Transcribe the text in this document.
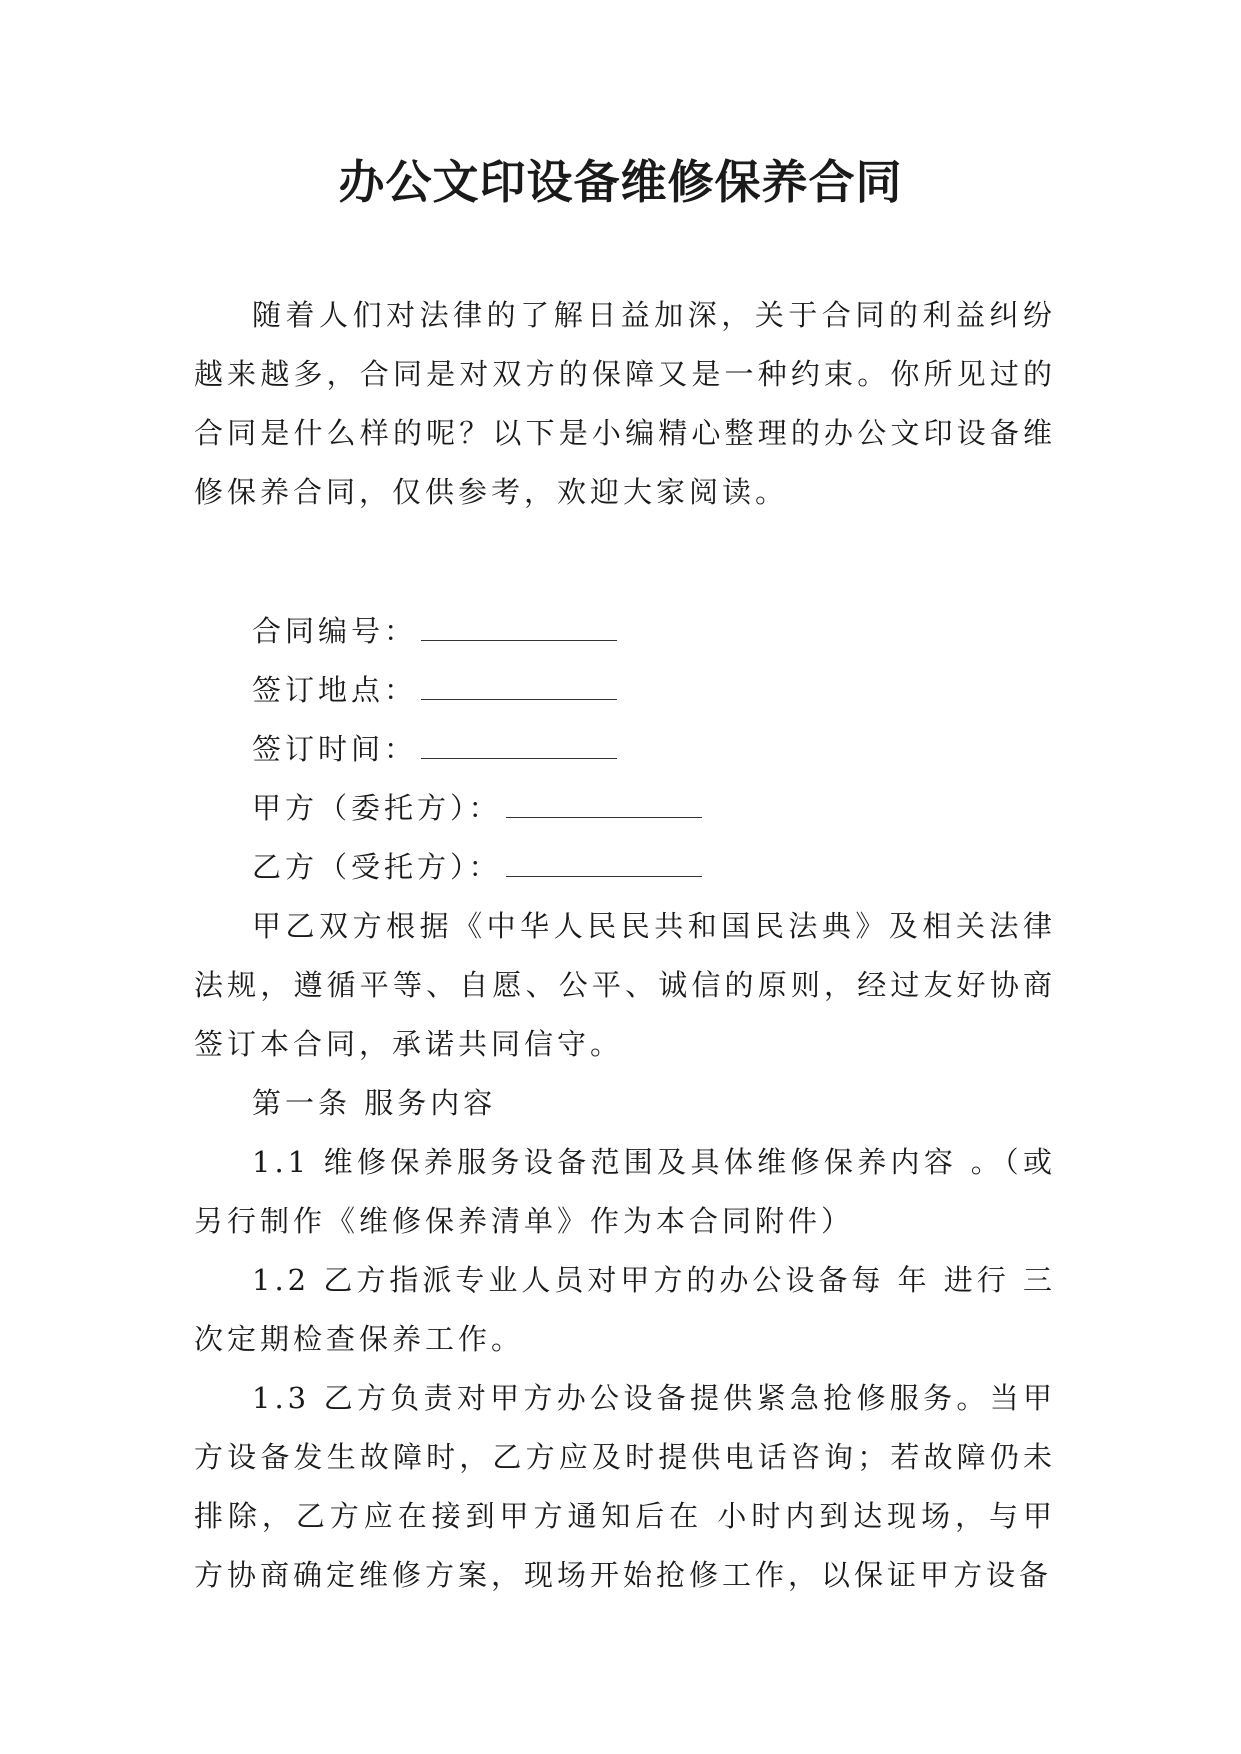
办公文印设备维修保养合同

随着人们对法律的了解日益加深，关于合同的利益纠纷越来越多，合同是对双方的保障又是一种约束。你所见过的合同是什么样的呢？以下是小编精心整理的办公文印设备维修保养合同，仅供参考，欢迎大家阅读。

合同编号：
签订地点：
签订时间：
甲方（委托方）：
乙方（受托方）：

甲乙双方根据《中华人民民共和国民法典》及相关法律法规，遵循平等、自愿、公平、诚信的原则，经过友好协商签订本合同，承诺共同信守。

第一条 服务内容

1.1 维修保养服务设备范围及具体维修保养内容 。（或另行制作《维修保养清单》作为本合同附件）

1.2 乙方指派专业人员对甲方的办公设备每 年 进行 三 次定期检查保养工作。

1.3 乙方负责对甲方办公设备提供紧急抢修服务。当甲方设备发生故障时，乙方应及时提供电话咨询；若故障仍未排除，乙方应在接到甲方通知后在 小时内到达现场，与甲方协商确定维修方案，现场开始抢修工作，以保证甲方设备
